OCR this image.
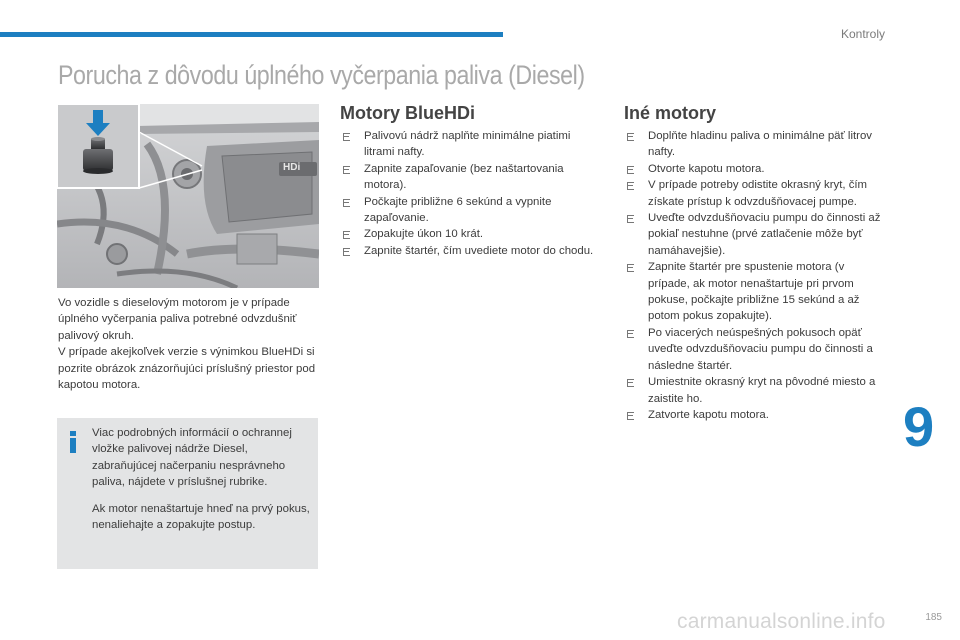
Kontroly
Porucha z dôvodu úplného vyčerpania paliva (Diesel)
HDi

Vo vozidle s dieselovým motorom je v prípade úplného vyčerpania paliva potrebné odvzdušniť palivový okruh.

V prípade akejkoľvek verzie s výnimkou BlueHDi si pozrite obrázok znázorňujúci príslušný priestor pod kapotou motora.

Viac podrobných informácií o ochrannej vložke palivovej nádrže Diesel, zabraňujúcej načerpaniu nesprávneho paliva, nájdete v príslušnej rubrike.

Ak motor nenaštartuje hneď na prvý pokus, nenaliehajte a zopakujte postup.

Motory BlueHDi
Palivovú nádrž naplňte minimálne piatimi litrami nafty.
Zapnite zapaľovanie (bez naštartovania motora).
Počkajte približne 6 sekúnd a vypnite zapaľovanie.
Zopakujte úkon 10 krát.
Zapnite štartér, čím uvediete motor do chodu.
Iné motory
Doplňte hladinu paliva o minimálne päť litrov nafty.
Otvorte kapotu motora.
V prípade potreby odistite okrasný kryt, čím získate prístup k odvzdušňovacej pumpe.
Uveďte odvzdušňovaciu pumpu do činnosti až pokiaľ nestuhne (prvé zatlačenie môže byť namáhavejšie).
Zapnite štartér pre spustenie motora (v prípade, ak motor nenaštartuje pri prvom pokuse, počkajte približne 15 sekúnd a až potom pokus zopakujte).
Po viacerých neúspešných pokusoch opäť uveďte odvzdušňovaciu pumpu do činnosti a následne štartér.
Umiestnite okrasný kryt na pôvodné miesto a zaistite ho.
Zatvorte kapotu motora.	9
carmanualsonline.info	185
